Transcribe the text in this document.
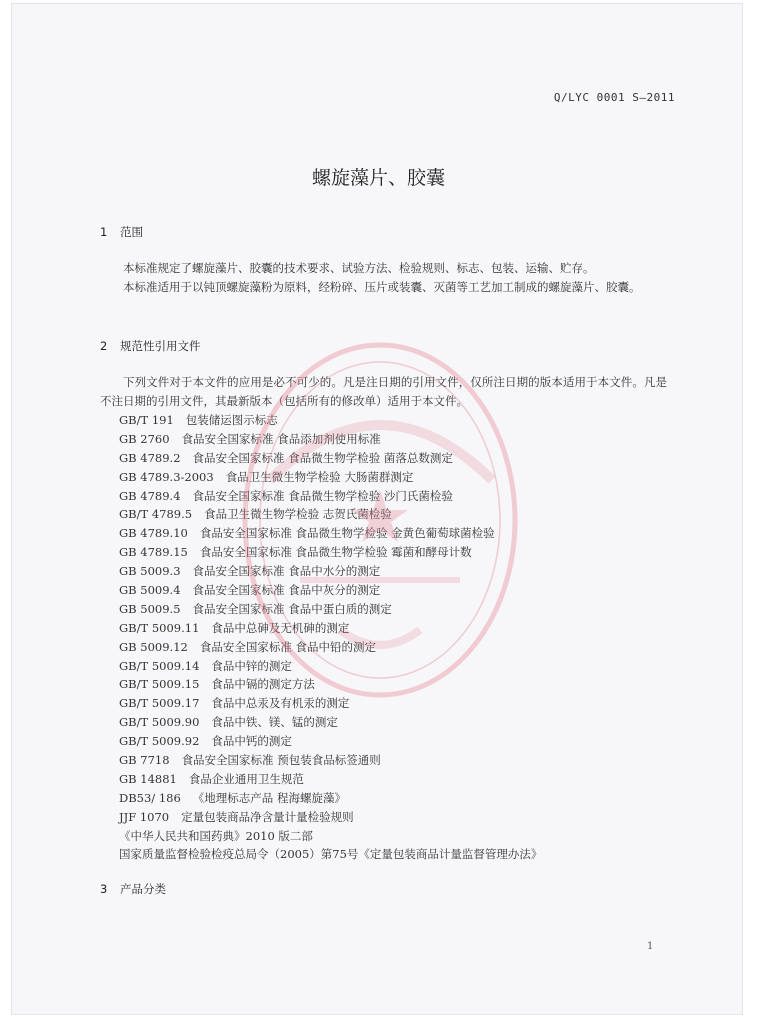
Q/LYC 0001 S—2011
螺旋藻片、胶囊
1 范围

本标准规定了螺旋藻片、胶囊的技术要求、试验方法、检验规则、标志、包装、运输、贮存。

本标准适用于以钝顶螺旋藻粉为原料，经粉碎、压片或装囊、灭菌等工艺加工制成的螺旋藻片、胶囊。

2 规范性引用文件

下列文件对于本文件的应用是必不可少的。凡是注日期的引用文件，仅所注日期的版本适用于本文件。凡是不注日期的引用文件，其最新版本（包括所有的修改单）适用于本文件。

GB/T 191 包装储运图示标志
GB 2760 食品安全国家标准 食品添加剂使用标准
GB 4789.2 食品安全国家标准 食品微生物学检验 菌落总数测定
GB 4789.3-2003 食品卫生微生物学检验 大肠菌群测定
GB 4789.4 食品安全国家标准 食品微生物学检验 沙门氏菌检验
GB/T 4789.5 食品卫生微生物学检验 志贺氏菌检验
GB 4789.10 食品安全国家标准 食品微生物学检验 金黄色葡萄球菌检验
GB 4789.15 食品安全国家标准 食品微生物学检验 霉菌和酵母计数
GB 5009.3 食品安全国家标准 食品中水分的测定
GB 5009.4 食品安全国家标准 食品中灰分的测定
GB 5009.5 食品安全国家标准 食品中蛋白质的测定
GB/T 5009.11 食品中总砷及无机砷的测定
GB 5009.12 食品安全国家标准 食品中铅的测定
GB/T 5009.14 食品中锌的测定
GB/T 5009.15 食品中镉的测定方法
GB/T 5009.17 食品中总汞及有机汞的测定
GB/T 5009.90 食品中铁、镁、锰的测定
GB/T 5009.92 食品中钙的测定
GB 7718 食品安全国家标准 预包装食品标签通则
GB 14881 食品企业通用卫生规范
DB53/ 186 《地理标志产品 程海螺旋藻》
JJF 1070 定量包装商品净含量计量检验规则
《中华人民共和国药典》2010 版二部
国家质量监督检验检疫总局令（2005）第75号《定量包装商品计量监督管理办法》
3 产品分类
1
